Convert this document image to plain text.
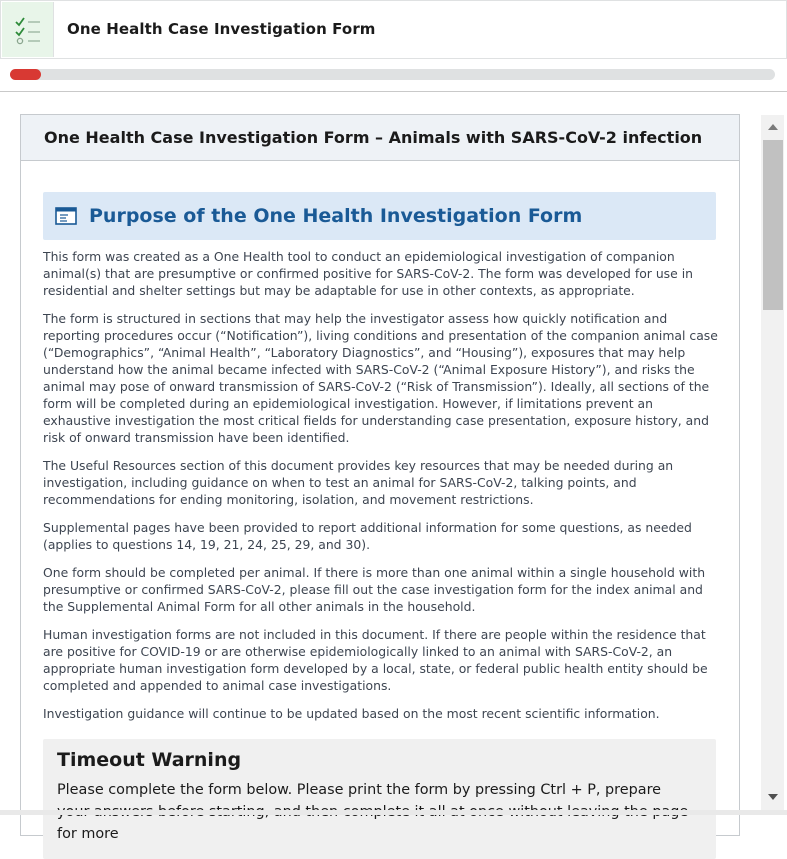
One Health Case Investigation Form
One Health Case Investigation Form – Animals with SARS-CoV-2 infection
Purpose of the One Health Investigation Form

This form was created as a One Health tool to conduct an epidemiological investigation of companion animal(s) that are presumptive or confirmed positive for SARS-CoV-2. The form was developed for use in residential and shelter settings but may be adaptable for use in other contexts, as appropriate.

The form is structured in sections that may help the investigator assess how quickly notification and reporting procedures occur (“Notification”), living conditions and presentation of the companion animal case (“Demographics”, “Animal Health”, “Laboratory Diagnostics”, and “Housing”), exposures that may help understand how the animal became infected with SARS-CoV-2 (“Animal Exposure History”), and risks the animal may pose of onward transmission of SARS-CoV-2 (“Risk of Transmission”). Ideally, all sections of the form will be completed during an epidemiological investigation. However, if limitations prevent an exhaustive investigation the most critical fields for understanding case presentation, exposure history, and risk of onward transmission have been identified.

The Useful Resources section of this document provides key resources that may be needed during an investigation, including guidance on when to test an animal for SARS-CoV-2, talking points, and recommendations for ending monitoring, isolation, and movement restrictions.

Supplemental pages have been provided to report additional information for some questions, as needed (applies to questions 14, 19, 21, 24, 25, 29, and 30).

One form should be completed per animal. If there is more than one animal within a single household with presumptive or confirmed SARS-CoV-2, please fill out the case investigation form for the index animal and the Supplemental Animal Form for all other animals in the household.

Human investigation forms are not included in this document. If there are people within the residence that are positive for COVID-19 or are otherwise epidemiologically linked to an animal with SARS-CoV-2, an appropriate human investigation form developed by a local, state, or federal public health entity should be completed and appended to animal case investigations.

Investigation guidance will continue to be updated based on the most recent scientific information.

Timeout Warning
Please complete the form below. Please print the form by pressing Ctrl + P, prepare for more
